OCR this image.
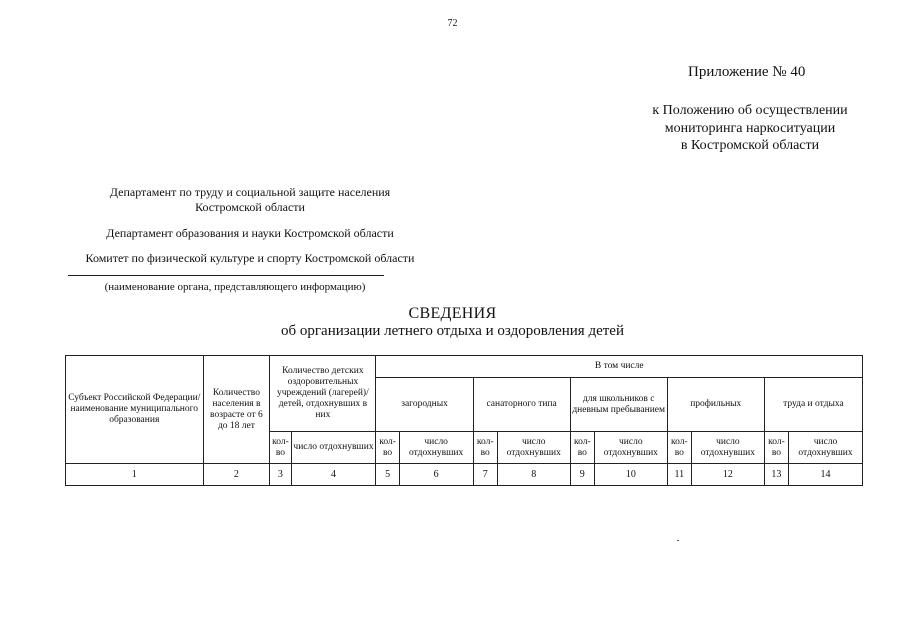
72
Приложение № 40
к Положению об осуществлении
мониторинга наркоситуации
в Костромской области
Департамент по труду и социальной защите населения
Костромской области
Департамент образования и науки Костромской области
Комитет по физической культуре и спорту Костромской области
(наименование органа, представляющего информацию)
СВЕДЕНИЯ
об организации летнего отдыха и оздоровления детей
Субъект Российской Федерации/наименование муниципального образования	Количество населения в возрасте от 6 до 18 лет	Количество детских оздоровительных учреждений (лагерей)/ детей, отдохнувших в них		В том числе									
				загородных		санаторного типа		для школьников с дневным пребыванием		профильных		труда и отдыха	
		кол-во	число отдохнувших	кол-во	число отдохнувших	кол-во	число отдохнувших	кол-во	число отдохнувших	кол-во	число отдохнувших	кол-во	число отдохнувших
1	2	3	4	5	6	7	8	9	10	11	12	13	14
